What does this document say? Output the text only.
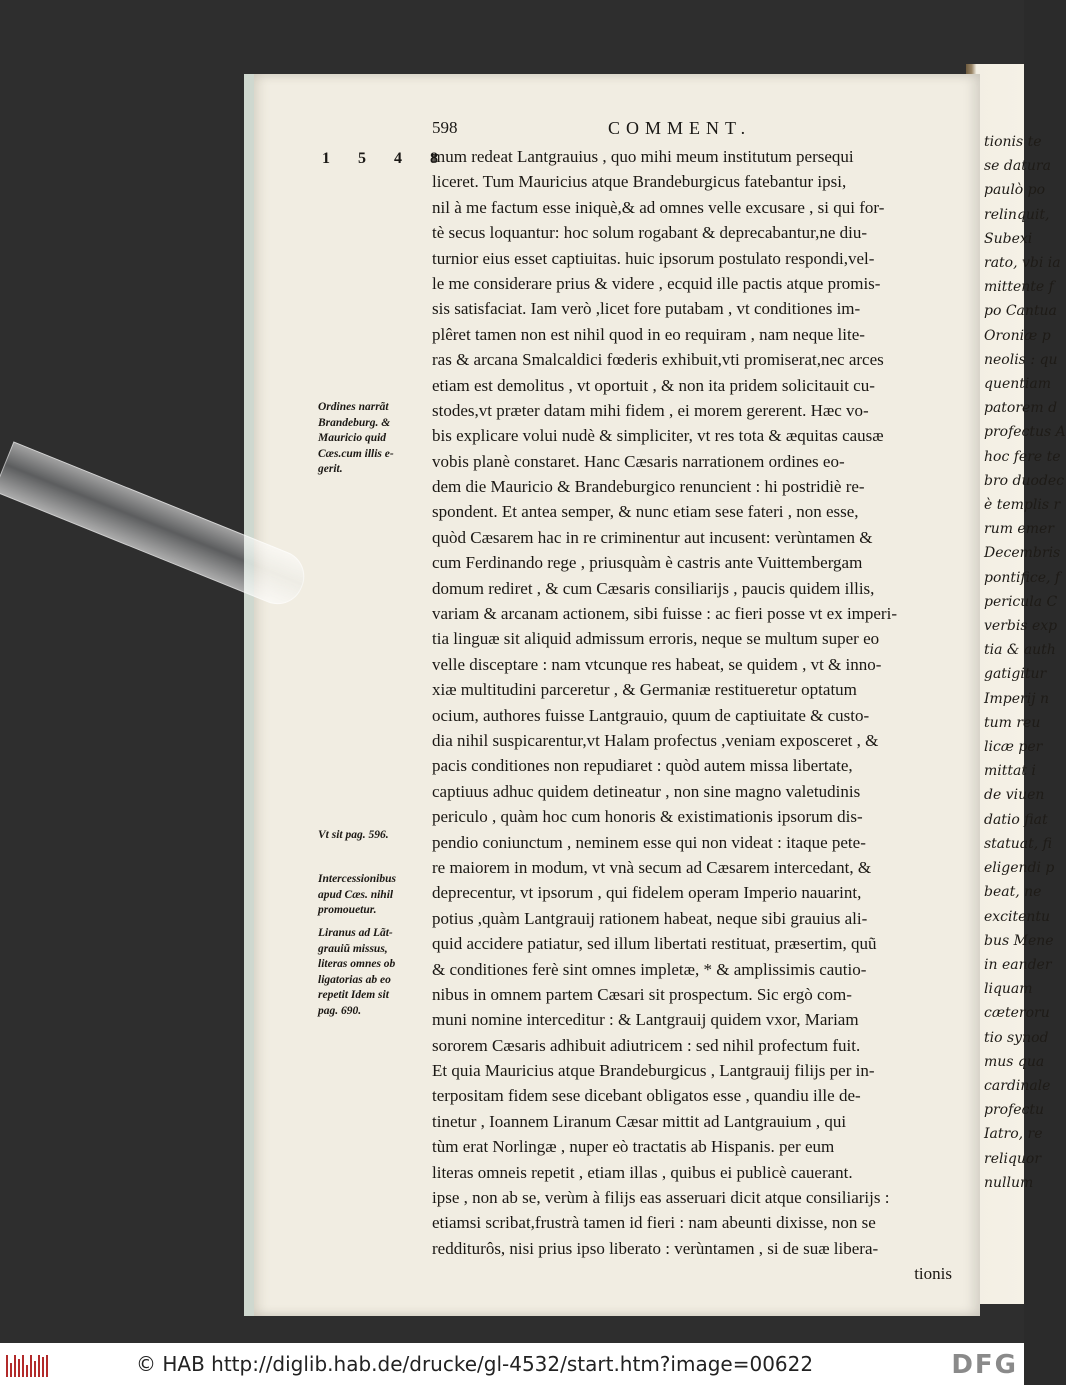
tionis te
se datura
paulò po
relinquit,
Subexi
rato, vbi ia
mittente f
po Cantua
Oroniæ p
neolis : qu
quentiam
patorem d
profectus A
hoc fere te
bro duodec
è templis r
rum emer
Decembris
pontifice, f
pericula C
verbis exp
tia & auth
gatigitur
Imperij n
tum reu
licæ per
mittat i
de viuen
datio fiat
statuat, fi
eligendi p
beat, ne
excitentu
bus Mene
in eander
liquam
cæteroru
tio synod
mus qua
cardinale
profectu
Iatro, re
reliquor
nullum
598	COMMENT.
1 5 4 8
mum redeat Lantgrauius , quo mihi meum institutum persequi
liceret. Tum Mauricius atque Brandeburgicus fatebantur ipsi,
nil à me factum esse iniquè,& ad omnes velle excusare , si qui for-
tè secus loquantur: hoc solum rogabant & deprecabantur,ne diu-
turnior eius esset captiuitas. huic ipsorum postulato respondi,vel-
le me considerare prius & videre , ecquid ille pactis atque promis-
sis satisfaciat. Iam verò ,licet fore putabam , vt conditiones im-
plêret tamen non est nihil quod in eo requiram , nam neque lite-
ras & arcana Smalcaldici fœderis exhibuit,vti promiserat,nec arces
etiam est demolitus , vt oportuit , & non ita pridem solicitauit cu-
stodes,vt præter datam mihi fidem , ei morem gererent. Hæc vo-
bis explicare volui nudè & simpliciter, vt res tota & æquitas causæ
vobis planè constaret. Hanc Cæsaris narrationem ordines eo-
dem die Mauricio & Brandeburgico renuncient : hi postridiè re-
spondent. Et antea semper, & nunc etiam sese fateri , non esse,
quòd Cæsarem hac in re criminentur aut incusent: verùntamen &
cum Ferdinando rege , priusquàm è castris ante Vuittembergam
domum rediret , & cum Cæsaris consiliarijs , paucis quidem illis,
variam & arcanam actionem, sibi fuisse : ac fieri posse vt ex imperi-
tia linguæ sit aliquid admissum erroris, neque se multum super eo
velle disceptare : nam vtcunque res habeat, se quidem , vt & inno-
xiæ multitudini parceretur , & Germaniæ restitueretur optatum
ocium, authores fuisse Lantgrauio, quum de captiuitate & custo-
dia nihil suspicarentur,vt Halam profectus ,veniam exposceret , &
pacis conditiones non repudiaret : quòd autem missa libertate,
captiuus adhuc quidem detineatur , non sine magno valetudinis
periculo , quàm hoc cum honoris & existimationis ipsorum dis-
pendio coniunctum , neminem esse qui non videat : itaque pete-
re maiorem in modum, vt vnà secum ad Cæsarem intercedant, &
deprecentur, vt ipsorum , qui fidelem operam Imperio nauarint,
potius ,quàm Lantgrauij rationem habeat, neque sibi grauius ali-
quid accidere patiatur, sed illum libertati restituat, præsertim, quũ
& conditiones ferè sint omnes impletæ, * & amplissimis cautio-
nibus in omnem partem Cæsari sit prospectum. Sic ergò com-
muni nomine interceditur : & Lantgrauij quidem vxor, Mariam
sororem Cæsaris adhibuit adiutricem : sed nihil profectum fuit.
Et quia Mauricius atque Brandeburgicus , Lantgrauij filijs per in-
terpositam fidem sese dicebant obligatos esse , quandiu ille de-
tinetur , Ioannem Liranum Cæsar mittit ad Lantgrauium , qui
tùm erat Norlingæ , nuper eò tractatis ab Hispanis. per eum
literas omneis repetit , etiam illas , quibus ei publicè cauerant.
ipse , non ab se, verùm à filijs eas asseruari dicit atque consiliarijs :
etiamsi scribat,frustrà tamen id fieri : nam abeunti dixisse, non se
redditurôs, nisi prius ipso liberato : verùntamen , si de suæ libera-
tionis
Ordines narrãt
Brandeburg. &
Mauricio quid
Cæs.cum illis e-
gerit.
Vt sit pag. 596.
Intercessionibus
apud Cæs. nihil
promouetur.
Liranus ad Lãt-
grauiũ missus,
literas omnes ob
ligatorias ab eo
repetit Idem sit
pag. 690.
© HAB http://diglib.hab.de/drucke/gl-4532/start.htm?image=00622	DFG
